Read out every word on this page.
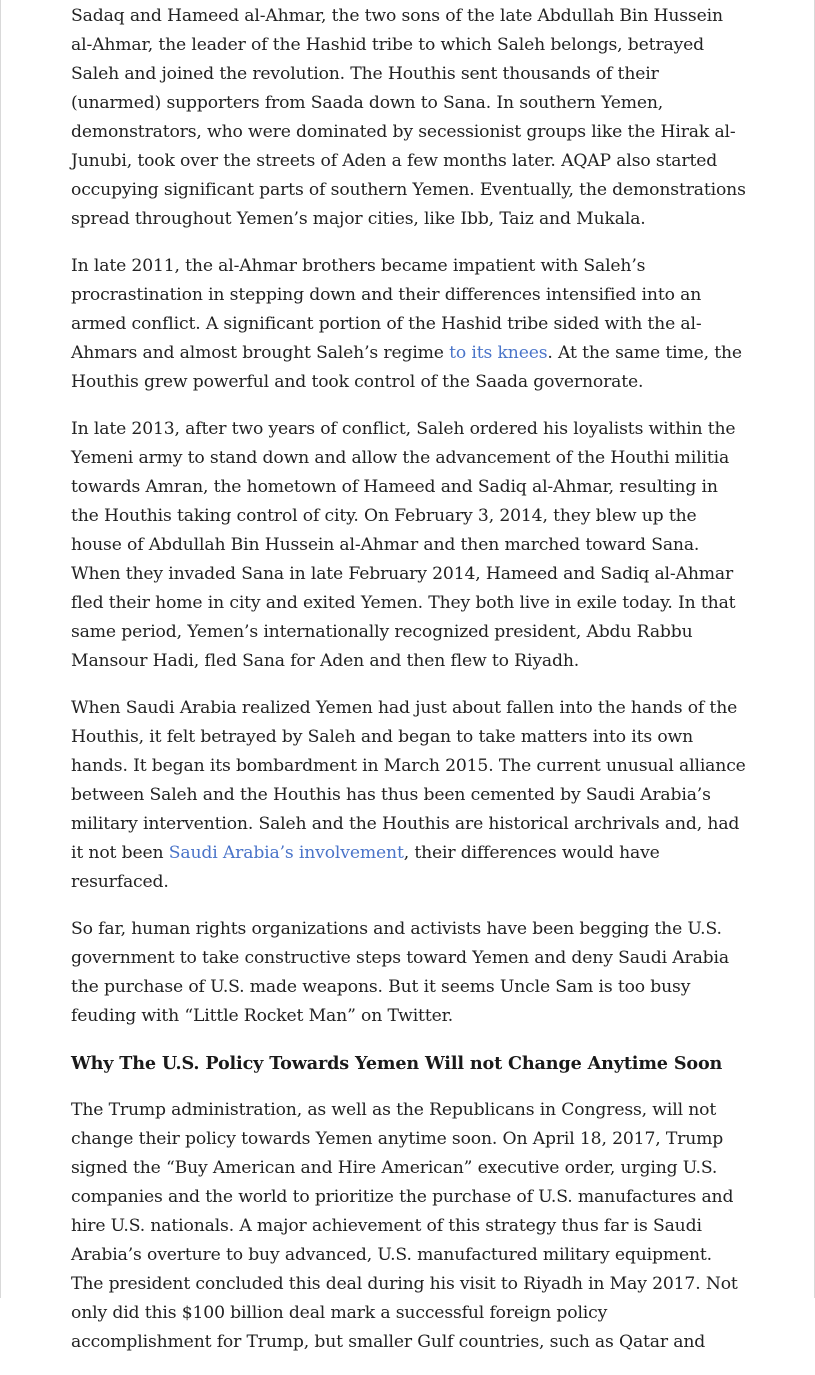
Sadaq and Hameed al-Ahmar, the two sons of the late Abdullah Bin Hussein al-Ahmar, the leader of the Hashid tribe to which Saleh belongs, betrayed Saleh and joined the revolution. The Houthis sent thousands of their (unarmed) supporters from Saada down to Sana. In southern Yemen, demonstrators, who were dominated by secessionist groups like the Hirak al-Junubi, took over the streets of Aden a few months later. AQAP also started occupying significant parts of southern Yemen. Eventually, the demonstrations spread throughout Yemen’s major cities, like Ibb, Taiz and Mukala.

In late 2011, the al-Ahmar brothers became impatient with Saleh’s procrastination in stepping down and their differences intensified into an armed conflict. A significant portion of the Hashid tribe sided with the al-Ahmars and almost brought Saleh’s regime to its knees. At the same time, the Houthis grew powerful and took control of the Saada governorate.

In late 2013, after two years of conflict, Saleh ordered his loyalists within the Yemeni army to stand down and allow the advancement of the Houthi militia towards Amran, the hometown of Hameed and Sadiq al-Ahmar, resulting in the Houthis taking control of city. On February 3, 2014, they blew up the house of Abdullah Bin Hussein al-Ahmar and then marched toward Sana. When they invaded Sana in late February 2014, Hameed and Sadiq al-Ahmar fled their home in city and exited Yemen. They both live in exile today. In that same period, Yemen’s internationally recognized president, Abdu Rabbu Mansour Hadi, fled Sana for Aden and then flew to Riyadh.

When Saudi Arabia realized Yemen had just about fallen into the hands of the Houthis, it felt betrayed by Saleh and began to take matters into its own hands. It began its bombardment in March 2015. The current unusual alliance between Saleh and the Houthis has thus been cemented by Saudi Arabia’s military intervention. Saleh and the Houthis are historical archrivals and, had it not been Saudi Arabia’s involvement, their differences would have resurfaced.

So far, human rights organizations and activists have been begging the U.S. government to take constructive steps toward Yemen and deny Saudi Arabia the purchase of U.S. made weapons. But it seems Uncle Sam is too busy feuding with “Little Rocket Man” on Twitter.

Why The U.S. Policy Towards Yemen Will not Change Anytime Soon

The Trump administration, as well as the Republicans in Congress, will not change their policy towards Yemen anytime soon. On April 18, 2017, Trump signed the “Buy American and Hire American” executive order, urging U.S. companies and the world to prioritize the purchase of U.S. manufactures and hire U.S. nationals. A major achievement of this strategy thus far is Saudi Arabia’s overture to buy advanced, U.S. manufactured military equipment. The president concluded this deal during his visit to Riyadh in May 2017. Not only did this $100 billion deal mark a successful foreign policy accomplishment for Trump, but smaller Gulf countries, such as Qatar and
